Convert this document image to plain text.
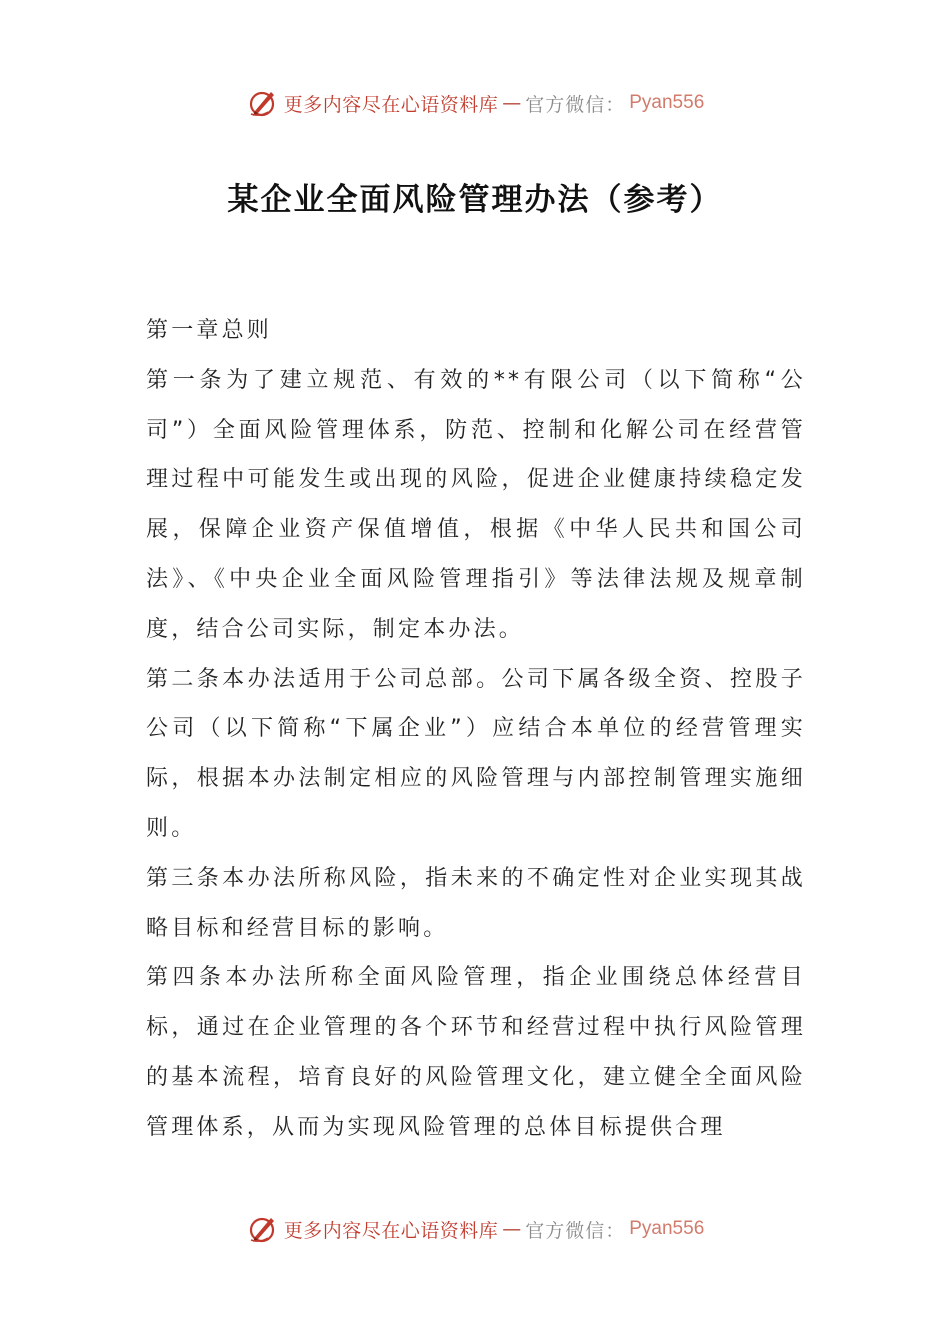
更多内容尽在心语资料库 — 官方微信： Pyan556
某企业全面风险管理办法（参考）

第一章总则

第一条为了建立规范、有效的**有限公司（以下简称“公司”）全面风险管理体系，防范、控制和化解公司在经营管理过程中可能发生或出现的风险，促进企业健康持续稳定发展，保障企业资产保值增值，根据《中华人民共和国公司法》、《中央企业全面风险管理指引》等法律法规及规章制度，结合公司实际，制定本办法。

第二条本办法适用于公司总部。公司下属各级全资、控股子公司（以下简称“下属企业”）应结合本单位的经营管理实际，根据本办法制定相应的风险管理与内部控制管理实施细则。

第三条本办法所称风险，指未来的不确定性对企业实现其战略目标和经营目标的影响。

第四条本办法所称全面风险管理，指企业围绕总体经营目标，通过在企业管理的各个环节和经营过程中执行风险管理的基本流程，培育良好的风险管理文化，建立健全全面风险管理体系，从而为实现风险管理的总体目标提供合理

更多内容尽在心语资料库 — 官方微信： Pyan556
